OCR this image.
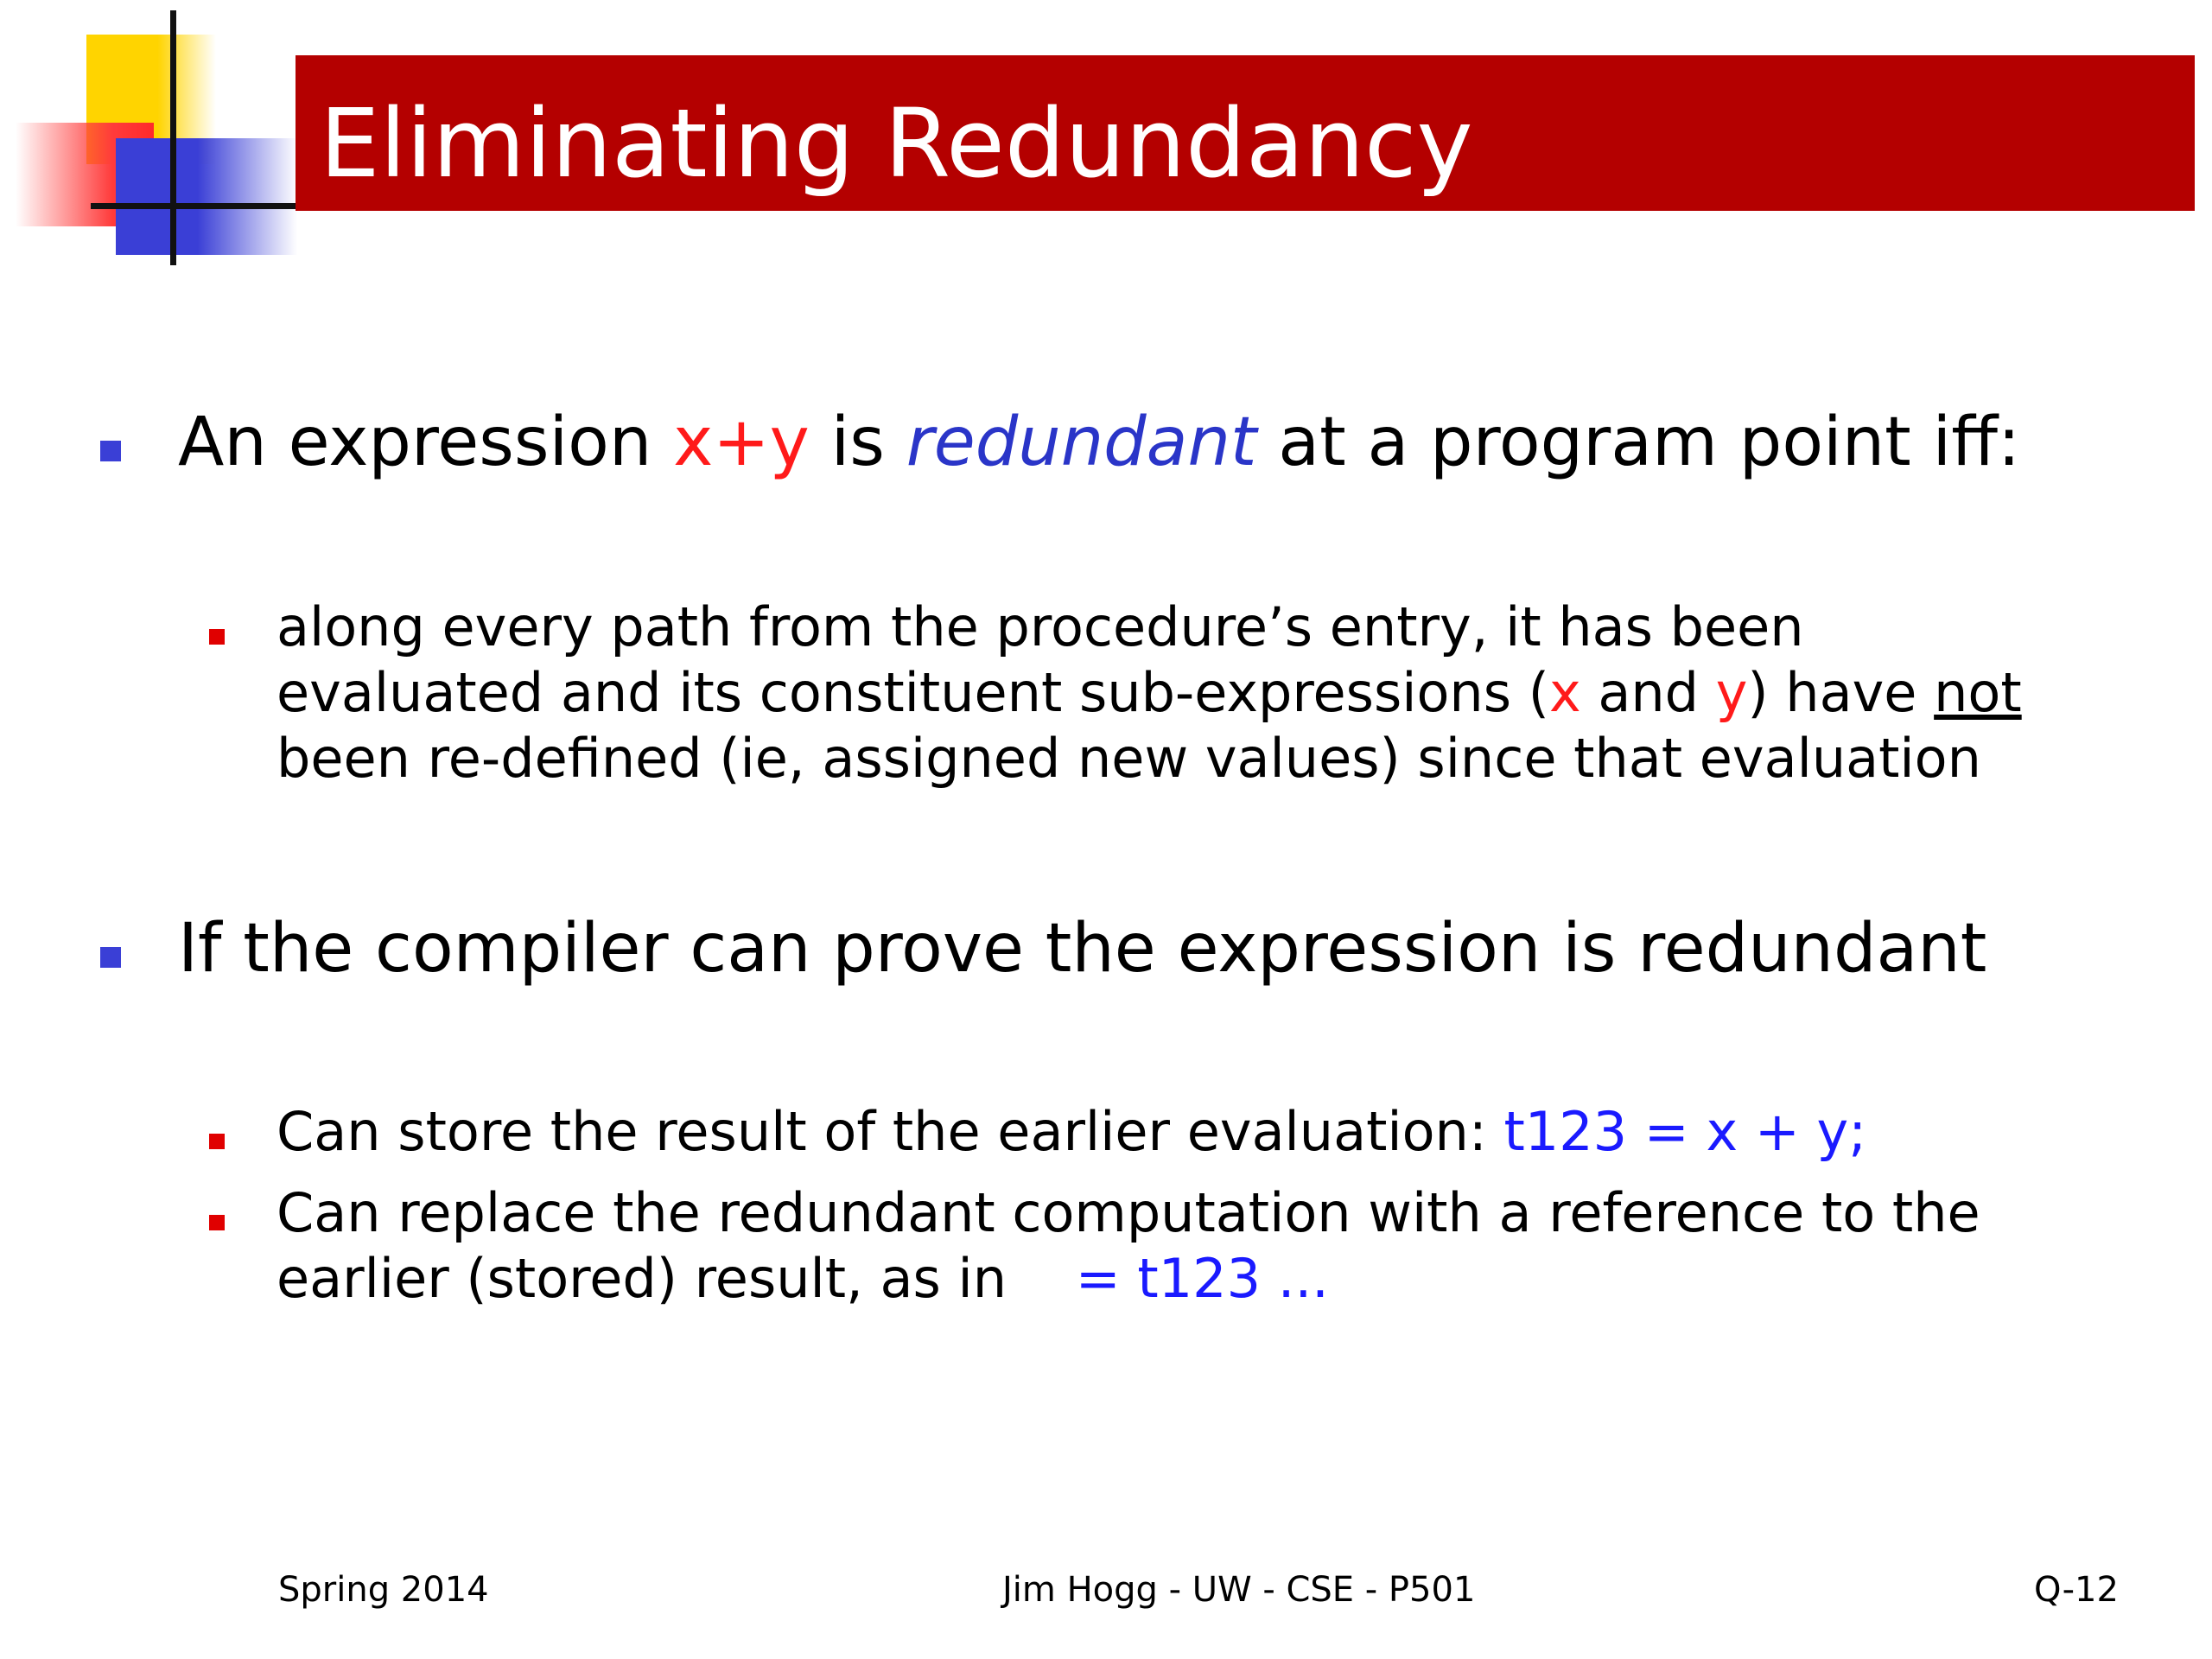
Eliminating Redundancy

An expression x+y is redundant at a program point iff:

along every path from the procedure’s entry, it has been

evaluated and its constituent sub-expressions (x and y) have not

been re-defined (ie, assigned new values) since that evaluation

If the compiler can prove the expression is redundant

Can store the result of the earlier evaluation: t123 = x + y;

Can replace the redundant computation with a reference to the

earlier (stored) result, as in = t123 ...

Spring 2014	Jim Hogg - UW - CSE - P501	Q-12
